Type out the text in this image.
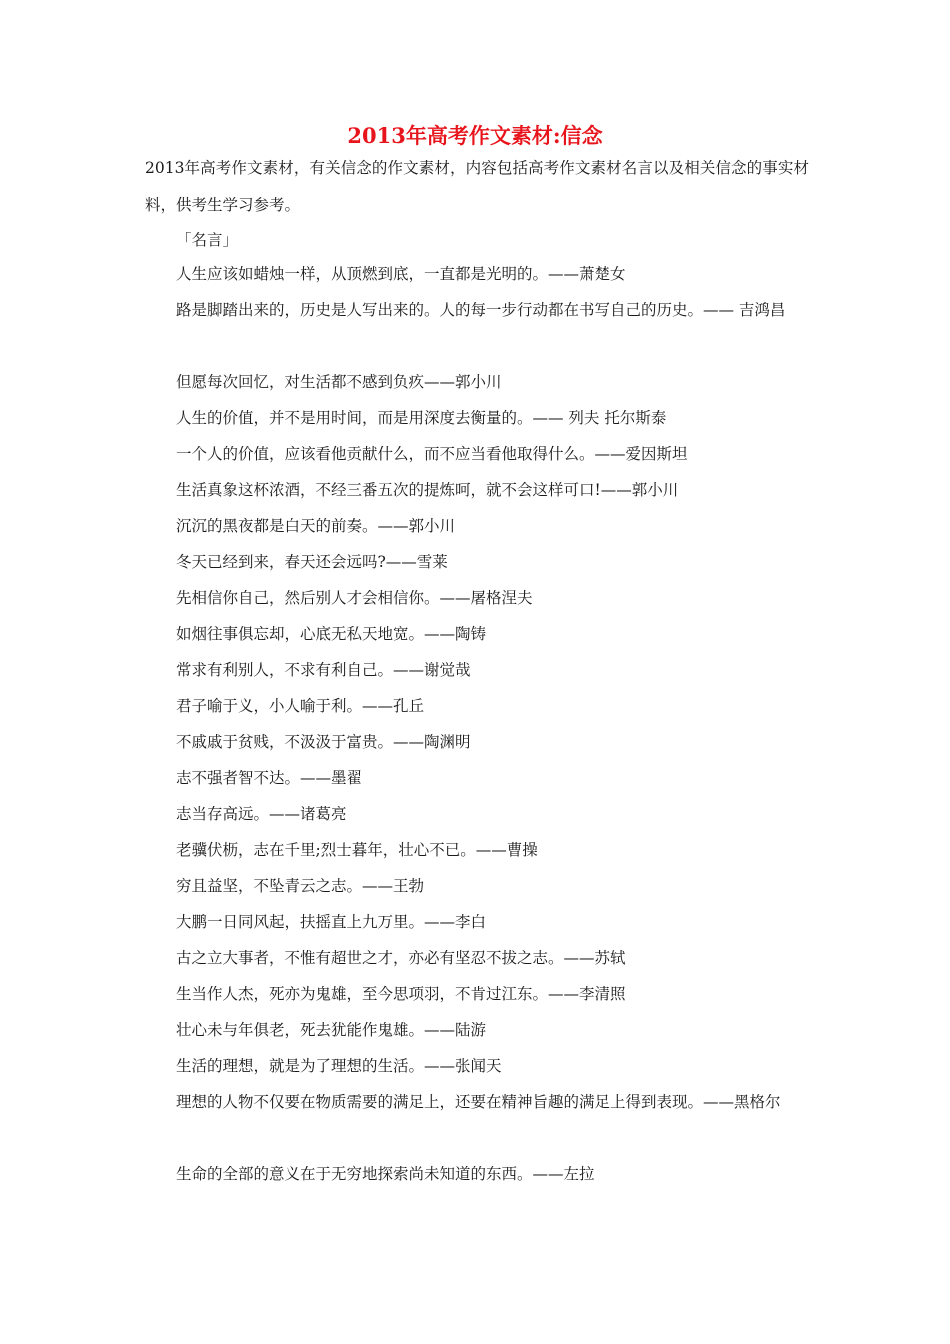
2013年高考作文素材:信念
2013年高考作文素材，有关信念的作文素材，内容包括高考作文素材名言以及相关信念的事实材料，供考生学习参考。
「名言」
人生应该如蜡烛一样，从顶燃到底，一直都是光明的。——萧楚女
路是脚踏出来的，历史是人写出来的。人的每一步行动都在书写自己的历史。—— 吉鸿昌
但愿每次回忆，对生活都不感到负疚——郭小川
人生的价值，并不是用时间，而是用深度去衡量的。—— 列夫 托尔斯泰
一个人的价值，应该看他贡献什么，而不应当看他取得什么。——爱因斯坦
生活真象这杯浓酒，不经三番五次的提炼呵，就不会这样可口!——郭小川
沉沉的黑夜都是白天的前奏。——郭小川
冬天已经到来，春天还会远吗?——雪莱
先相信你自己，然后别人才会相信你。——屠格涅夫
如烟往事俱忘却，心底无私天地宽。——陶铸
常求有利别人，不求有利自己。——谢觉哉
君子喻于义，小人喻于利。——孔丘
不戚戚于贫贱，不汲汲于富贵。——陶渊明
志不强者智不达。——墨翟
志当存高远。——诸葛亮
老骥伏枥，志在千里;烈士暮年，壮心不已。——曹操
穷且益坚，不坠青云之志。——王勃
大鹏一日同风起，扶摇直上九万里。——李白
古之立大事者，不惟有超世之才，亦必有坚忍不拔之志。——苏轼
生当作人杰，死亦为鬼雄，至今思项羽，不肯过江东。——李清照
壮心未与年俱老，死去犹能作鬼雄。——陆游
生活的理想，就是为了理想的生活。——张闻天
理想的人物不仅要在物质需要的满足上，还要在精神旨趣的满足上得到表现。——黑格尔
生命的全部的意义在于无穷地探索尚未知道的东西。——左拉
